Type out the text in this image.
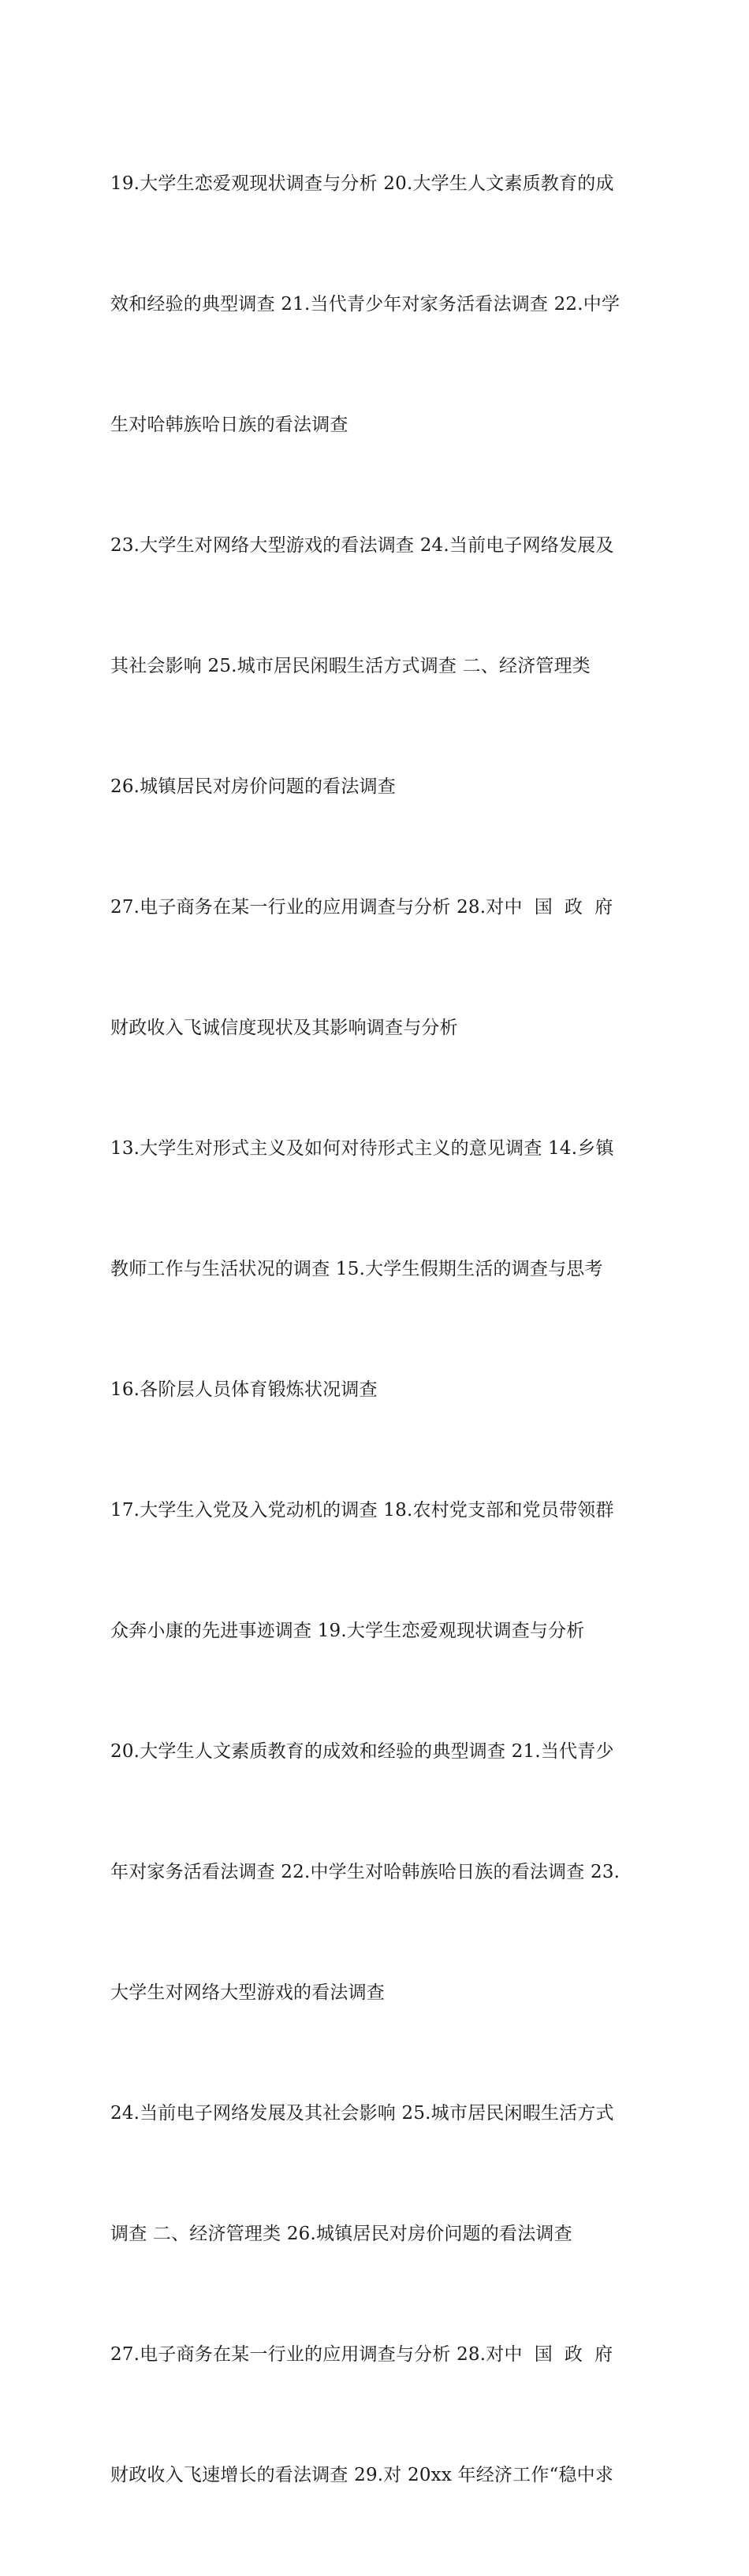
19.大学生恋爱观现状调查与分析 20.大学生人文素质教育的成

效和经验的典型调查 21.当代青少年对家务活看法调查 22.中学

生对哈韩族哈日族的看法调查

23.大学生对网络大型游戏的看法调查 24.当前电子网络发展及

其社会影响 25.城市居民闲暇生活方式调查 二、经济管理类

26.城镇居民对房价问题的看法调查

27.电子商务在某一行业的应用调查与分析 28.对中  国  政  府

财政收入飞诚信度现状及其影响调查与分析

13.大学生对形式主义及如何对待形式主义的意见调查 14.乡镇

教师工作与生活状况的调查 15.大学生假期生活的调查与思考

16.各阶层人员体育锻炼状况调查

17.大学生入党及入党动机的调查 18.农村党支部和党员带领群

众奔小康的先进事迹调查 19.大学生恋爱观现状调查与分析

20.大学生人文素质教育的成效和经验的典型调查 21.当代青少

年对家务活看法调查 22.中学生对哈韩族哈日族的看法调查 23.

大学生对网络大型游戏的看法调查

24.当前电子网络发展及其社会影响 25.城市居民闲暇生活方式

调查 二、经济管理类 26.城镇居民对房价问题的看法调查

27.电子商务在某一行业的应用调查与分析 28.对中  国  政  府

财政收入飞速增长的看法调查 29.对 20xx 年经济工作“稳中求
